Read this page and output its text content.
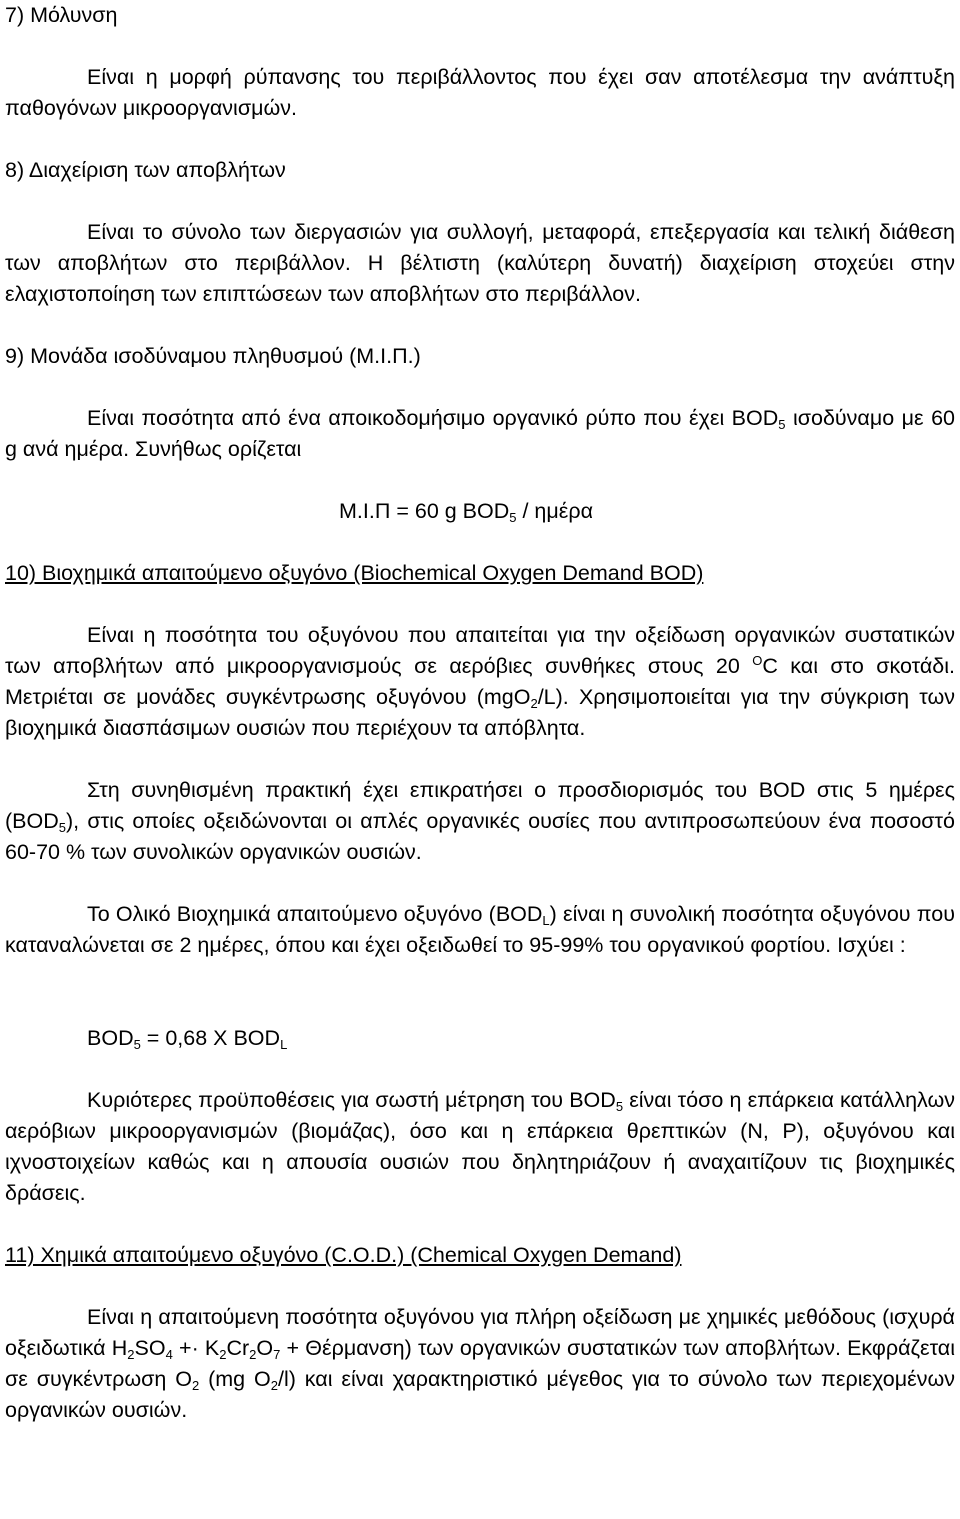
7) Μόλυνση

Είναι η μορφή ρύπανσης του περιβάλλοντος που έχει σαν αποτέλεσμα την ανάπτυξη παθογόνων μικροοργανισμών.

8) Διαχείριση των αποβλήτων

Είναι το σύνολο των διεργασιών για συλλογή, μεταφορά, επεξεργασία και τελική διάθεση των αποβλήτων στο περιβάλλον. Η βέλτιστη (καλύτερη δυνατή) διαχείριση στοχεύει στην ελαχιστοποίηση των επιπτώσεων των αποβλήτων στο περιβάλλον.

9) Μονάδα ισοδύναμου πληθυσμού (Μ.Ι.Π.)

Είναι ποσότητα από ένα αποικοδομήσιμο οργανικό ρύπο που έχει $BOD_5$ ισοδύναμο με 60 g ανά ημέρα. Συνήθως ορίζεται

Μ.Ι.Π = 60 g $BOD_5$ / ημέρα

10) Βιοχημικά απαιτούμενο οξυγόνο (Biochemical Oxygen Demand BOD)

Είναι η ποσότητα του οξυγόνου που απαιτείται για την οξείδωση οργανικών συστατικών των αποβλήτων από μικροοργανισμούς σε αερόβιες συνθήκες στους 20 $^O$C και στο σκοτάδι. Μετριέται σε μονάδες συγκέντρωσης οξυγόνου (mgO$_2$/L). Χρησιμοποιείται για την σύγκριση των βιοχημικά διασπάσιμων ουσιών που περιέχουν τα απόβλητα.

Στη συνηθισμένη πρακτική έχει επικρατήσει ο προσδιορισμός του BOD στις 5 ημέρες $(BOD_5)$, στις οποίες οξειδώνονται οι απλές οργανικές ουσίες που αντιπροσωπεύουν ένα ποσοστό 60-70 % των συνολικών οργανικών ουσιών.

Το Ολικό Βιοχημικά απαιτούμενο οξυγόνο $(BOD_L)$ είναι η συνολική ποσότητα οξυγόνου που καταναλώνεται σε 2 ημέρες, όπου και έχει οξειδωθεί το 95-99% του οργανικού φορτίου. Ισχύει :

$BOD_5 = 0,68$ X $BOD_L$

Κυριότερες προϋποθέσεις για σωστή μέτρηση του $BOD_5$ είναι τόσο η επάρκεια κατάλληλων αερόβιων μικροοργανισμών (βιομάζας), όσο και η επάρκεια θρεπτικών (N, P), οξυγόνου και ιχνοστοιχείων καθώς και η απουσία ουσιών που δηλητηριάζουν ή αναχαιτίζουν τις βιοχημικές δράσεις.

11) Χημικά απαιτούμενο οξυγόνο (C.O.D.) (Chemical Oxygen Demand)

Είναι η απαιτούμενη ποσότητα οξυγόνου για πλήρη οξείδωση με χημικές μεθόδους (ισχυρά οξειδωτικά $H_2SO_4 +\cdot K_2Cr_2O_7 + \Theta έ\rho\mu\alpha\nu\sigma\eta$) των οργανικών συστατικών των αποβλήτων. Εκφράζεται σε συγκέντρωση $O_2$ (mg $O_2/l$) και είναι χαρακτηριστικό μέγεθος για το σύνολο των περιεχομένων οργανικών ουσιών.
